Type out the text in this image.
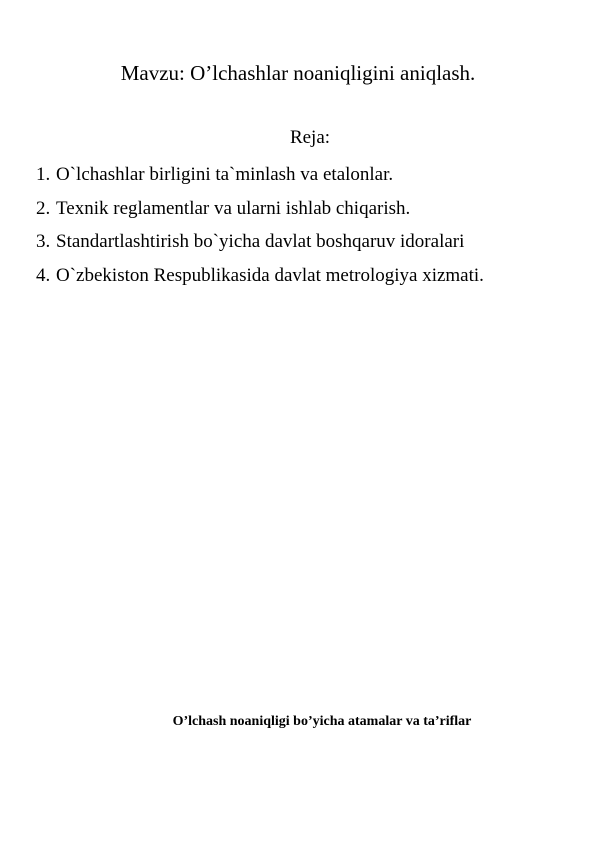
Mavzu: O’lchashlar noaniqligini aniqlash.
Reja:
1. O`lchashlar birligini ta`minlash va etalonlar.
2. Texnik reglamentlar va ularni ishlab chiqarish.
3. Standartlashtirish bo`yicha davlat boshqaruv idoralari
4. O`zbekiston Respublikasida davlat metrologiya xizmati.
O’lchash noaniqligi bo’yicha atamalar va ta’riflar
